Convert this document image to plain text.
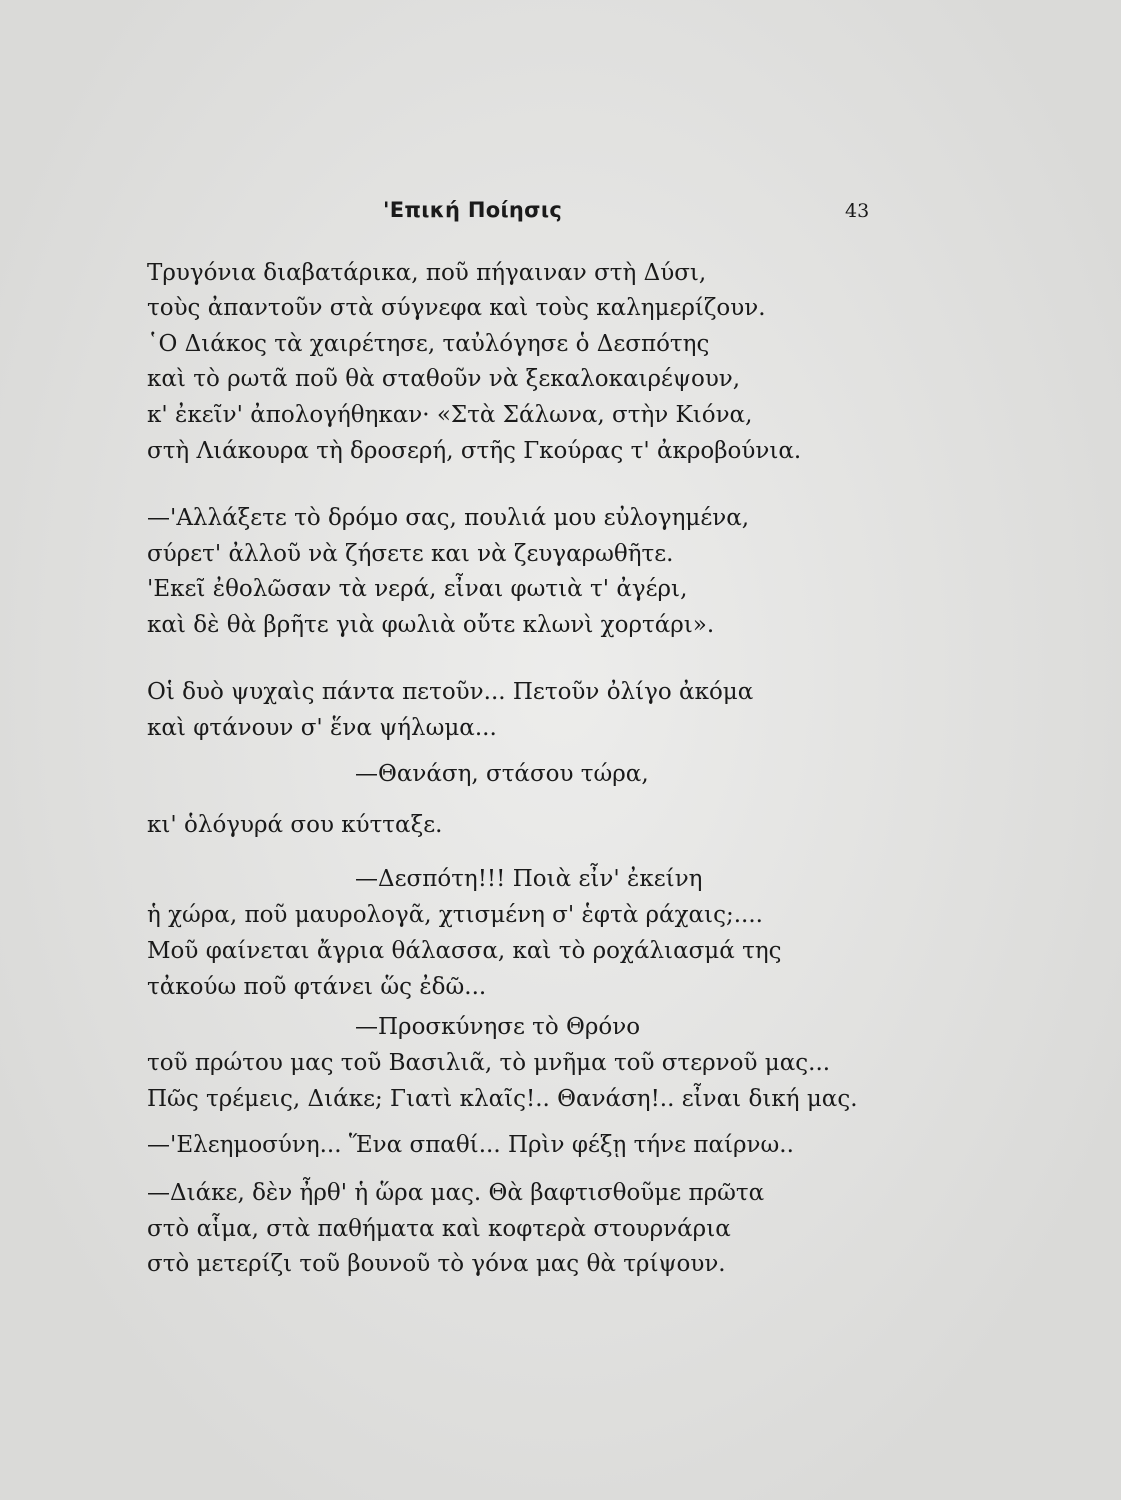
'Επική Ποίησις	43
Τρυγόνια διαβατάρικα, ποῦ πήγαιναν στὴ Δύσι,
τοὺς ἀπαντοῦν στὰ σύγνεφα καὶ τοὺς καλημερίζουν.
῾Ο Διάκος τὰ χαιρέτησε, ταὐλόγησε ὁ Δεσπότης
καὶ τὸ ρωτᾶ ποῦ θὰ σταθοῦν νὰ ξεκαλοκαιρέψουν,
κ' ἐκεῖν' ἀπολογήθηκαν· «Στὰ Σάλωνα, στὴν Κιόνα,
στὴ Λιάκουρα τὴ δροσερή, στῆς Γκούρας τ' ἀκροβούνια.
—'Αλλάξετε τὸ δρόμο σας, πουλιά μου εὐλογημένα,
σύρετ' ἀλλοῦ νὰ ζήσετε και νὰ ζευγαρωθῆτε.
'Εκεῖ ἐθολῶσαν τὰ νερά, εἶναι φωτιὰ τ' ἀγέρι,
καὶ δὲ θὰ βρῆτε γιὰ φωλιὰ οὔτε κλωνὶ χορτάρι».
Οἱ δυὸ ψυχαὶς πάντα πετοῦν... Πετοῦν ὀλίγο ἀκόμα
καὶ φτάνουν σ' ἕνα ψήλωμα...
—Θανάση, στάσου τώρα,
κι' ὁλόγυρά σου κύτταξε.
—Δεσπότη!!! Ποιὰ εἶν' ἐκείνη
ἡ χώρα, ποῦ μαυρολογᾶ, χτισμένη σ' ἑφτὰ ράχαις;....
Μοῦ φαίνεται ἄγρια θάλασσα, καὶ τὸ ροχάλιασμά της
τἀκούω ποῦ φτάνει ὥς ἐδῶ...
—Προσκύνησε τὸ Θρόνο
τοῦ πρώτου μας τοῦ Βασιλιᾶ, τὸ μνῆμα τοῦ στερνοῦ μας...
Πῶς τρέμεις, Διάκε; Γιατὶ κλαῖς!.. Θανάση!.. εἶναι δική μας.
—'Ελεημοσύνη... Ἕνα σπαθί... Πρὶν φέξῃ τήνε παίρνω..
—Διάκε, δὲν ἦρθ' ἡ ὥρα μας. Θὰ βαφτισθοῦμε πρῶτα
στὸ αἷμα, στὰ παθήματα καὶ κοφτερὰ στουρνάρια
στὸ μετερίζι τοῦ βουνοῦ τὸ γόνα μας θὰ τρίψουν.
